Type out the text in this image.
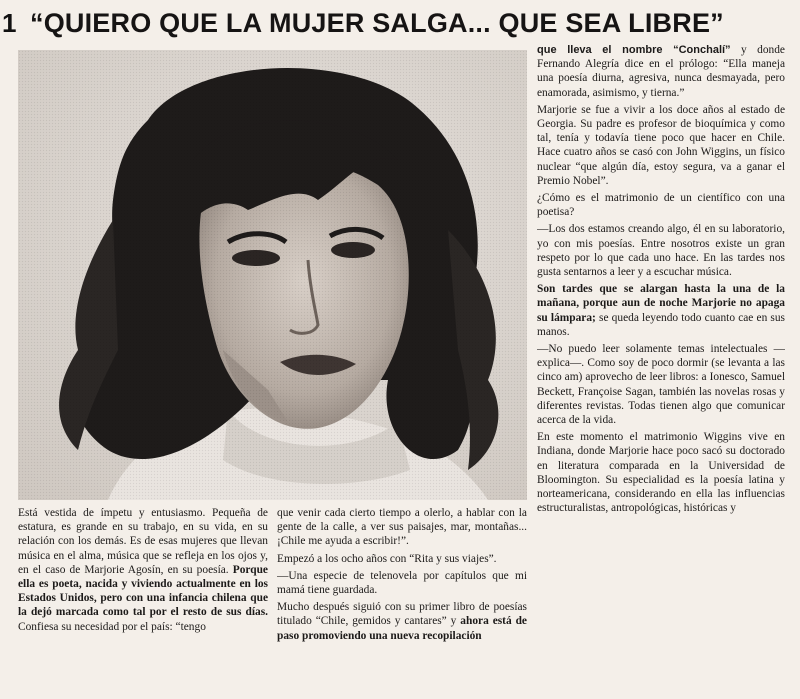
1 “QUIERO QUE LA MUJER SALGA... QUE SEA LIBRE”

Está vestida de ímpetu y entusiasmo. Pequeña de estatura, es grande en su trabajo, en su vida, en su relación con los demás. Es de esas mujeres que llevan música en el alma, música que se refleja en los ojos y, en el caso de Marjorie Agosín, en su poesía. Porque ella es poeta, nacida y viviendo actualmente en los Estados Unidos, pero con una infancia chilena que la dejó marcada como tal por el resto de sus días. Confiesa su necesidad por el país: “tengo

que venir cada cierto tiempo a olerlo, a hablar con la gente de la calle, a ver sus paisajes, mar, montañas... ¡Chile me ayuda a escribir!”.

Empezó a los ocho años con “Rita y sus viajes”.

—Una especie de telenovela por capítulos que mi mamá tiene guardada.

Mucho después siguió con su primer libro de poesías titulado “Chile, gemidos y cantares” y ahora está de paso promoviendo una nueva recopilación

que lleva el nombre “Conchalí” y donde Fernando Alegría dice en el prólogo: “Ella maneja una poesía diurna, agresiva, nunca desmayada, pero enamorada, asimismo, y tierna.”

Marjorie se fue a vivir a los doce años al estado de Georgia. Su padre es profesor de bioquímica y como tal, tenía y todavía tiene poco que hacer en Chile. Hace cuatro años se casó con John Wiggins, un físico nuclear “que algún día, estoy segura, va a ganar el Premio Nobel”.

¿Cómo es el matrimonio de un científico con una poetisa?

—Los dos estamos creando algo, él en su laboratorio, yo con mis poesías. Entre nosotros existe un gran respeto por lo que cada uno hace. En las tardes nos gusta sentarnos a leer y a escuchar música.

Son tardes que se alargan hasta la una de la mañana, porque aun de noche Marjorie no apaga su lámpara; se queda leyendo todo cuanto cae en sus manos.

—No puedo leer solamente temas intelectuales —explica—. Como soy de poco dormir (se levanta a las cinco am) aprovecho de leer libros: a Ionesco, Samuel Beckett, Françoise Sagan, también las novelas rosas y diferentes revistas. Todas tienen algo que comunicar acerca de la vida.

En este momento el matrimonio Wiggins vive en Indiana, donde Marjorie hace poco sacó su doctorado en literatura comparada en la Universidad de Bloomington. Su especialidad es la poesía latina y norteamericana, considerando en ella las influencias estructuralistas, antropológicas, históricas y
